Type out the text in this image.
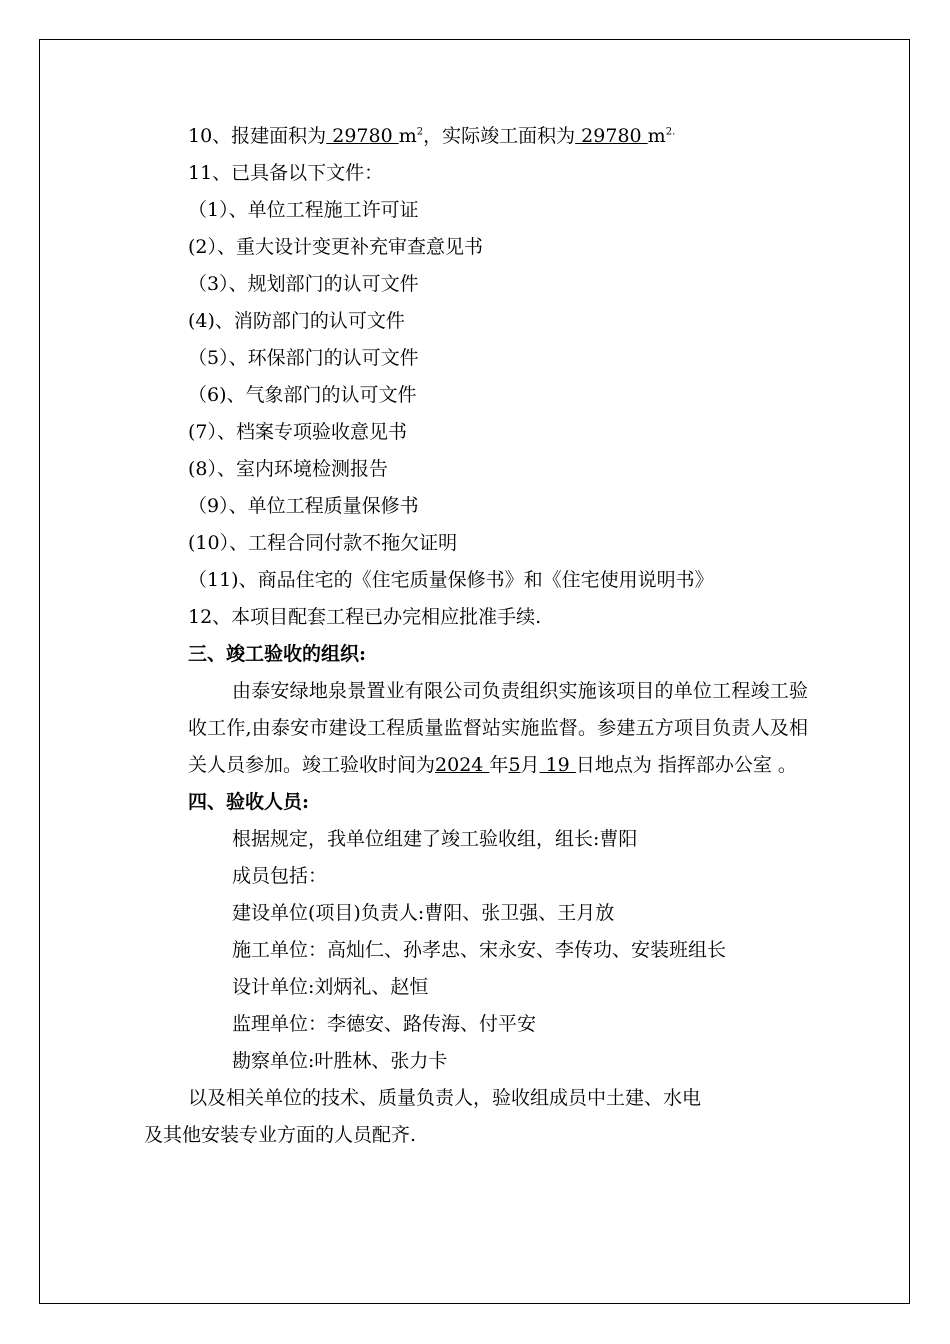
10、报建面积为 29780 $m^2$，实际竣工面积为 29780 $m^{2.}$
11、已具备以下文件：
（1）、单位工程施工许可证
(2）、重大设计变更补充审查意见书
（3）、规划部门的认可文件
(4)、消防部门的认可文件
（5）、环保部门的认可文件
（6)、气象部门的认可文件
(7）、档案专项验收意见书
(8）、室内环境检测报告
（9）、单位工程质量保修书
(10）、工程合同付款不拖欠证明
（11)、商品住宅的《住宅质量保修书》和《住宅使用说明书》
12、本项目配套工程已办完相应批准手续.
三、竣工验收的组织:
由泰安绿地泉景置业有限公司负责组织实施该项目的单位工程竣工验收工作,由泰安市建设工程质量监督站实施监督。参建五方项目负责人及相关人员参加。竣工验收时间为2024 年5月 19 日地点为 指挥部办公室 。
四、验收人员:
根据规定，我单位组建了竣工验收组，组长:曹阳
成员包括：
建设单位(项目)负责人:曹阳、张卫强、王月放
施工单位：高灿仁、孙孝忠、宋永安、李传功、安装班组长
设计单位:刘炳礼、赵恒
监理单位：李德安、路传海、付平安
勘察单位:叶胜林、张力卡
以及相关单位的技术、质量负责人，验收组成员中土建、水电
及其他安装专业方面的人员配齐.
